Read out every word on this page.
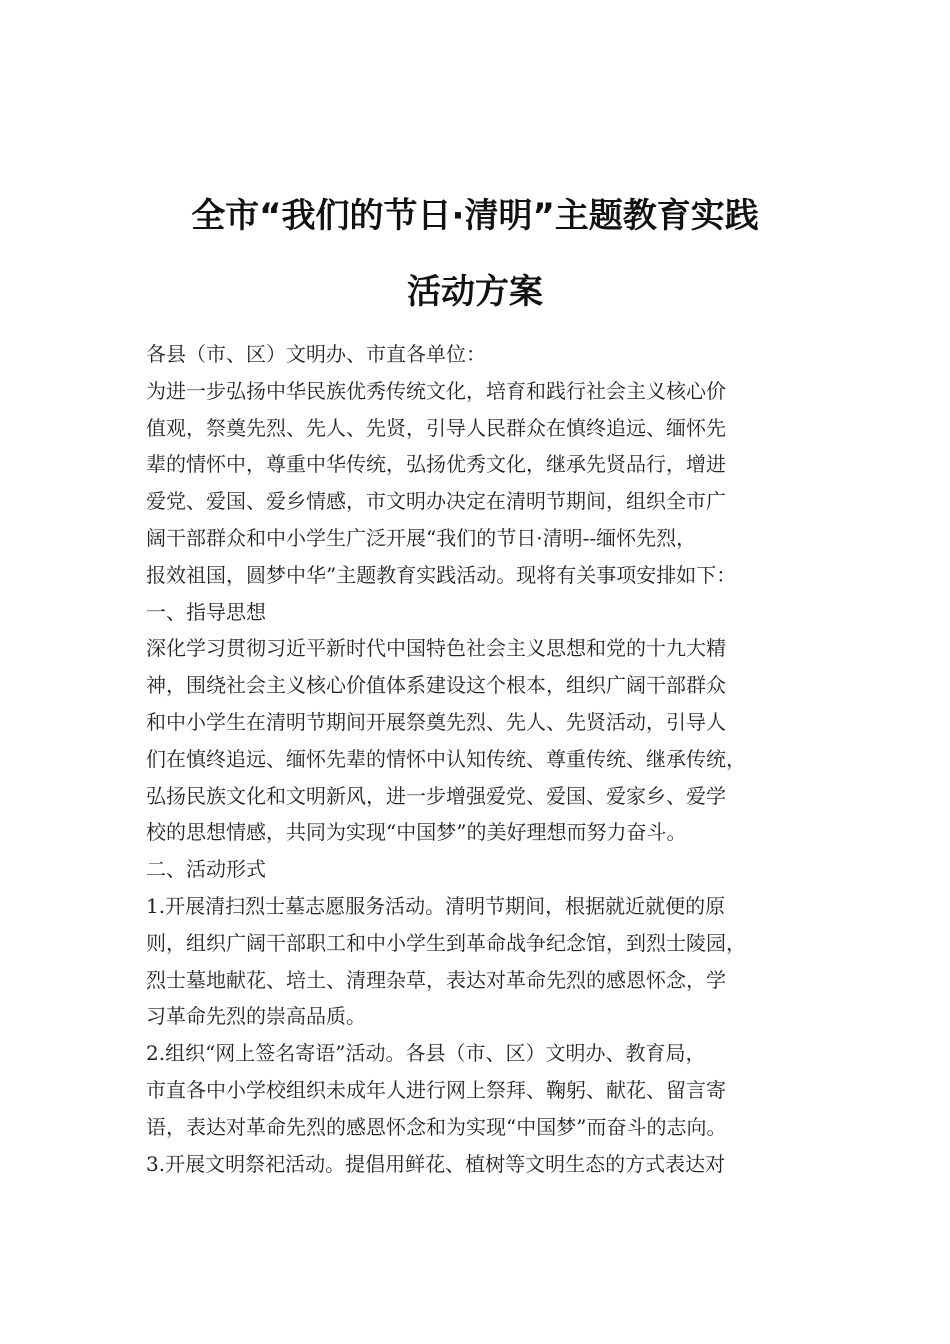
全市“我们的节日·清明”主题教育实践
活动方案

各县（市、区）文明办、市直各单位：

为进一步弘扬中华民族优秀传统文化，培育和践行社会主义核心价

值观，祭奠先烈、先人、先贤，引导人民群众在慎终追远、缅怀先

辈的情怀中，尊重中华传统，弘扬优秀文化，继承先贤品行，增进

爱党、爱国、爱乡情感，市文明办决定在清明节期间，组织全市广

阔干部群众和中小学生广泛开展“我们的节日·清明--缅怀先烈，

报效祖国，圆梦中华”主题教育实践活动。现将有关事项安排如下：

一、指导思想

深化学习贯彻习近平新时代中国特色社会主义思想和党的十九大精

神，围绕社会主义核心价值体系建设这个根本，组织广阔干部群众

和中小学生在清明节期间开展祭奠先烈、先人、先贤活动，引导人

们在慎终追远、缅怀先辈的情怀中认知传统、尊重传统、继承传统，

弘扬民族文化和文明新风，进一步增强爱党、爱国、爱家乡、爱学

校的思想情感，共同为实现“中国梦”的美好理想而努力奋斗。

二、活动形式

1.开展清扫烈士墓志愿服务活动。清明节期间，根据就近就便的原

则，组织广阔干部职工和中小学生到革命战争纪念馆，到烈士陵园，

烈士墓地献花、培土、清理杂草，表达对革命先烈的感恩怀念，学

习革命先烈的崇高品质。

2.组织“网上签名寄语”活动。各县（市、区）文明办、教育局，

市直各中小学校组织未成年人进行网上祭拜、鞠躬、献花、留言寄

语，表达对革命先烈的感恩怀念和为实现“中国梦”而奋斗的志向。

3.开展文明祭祀活动。提倡用鲜花、植树等文明生态的方式表达对
